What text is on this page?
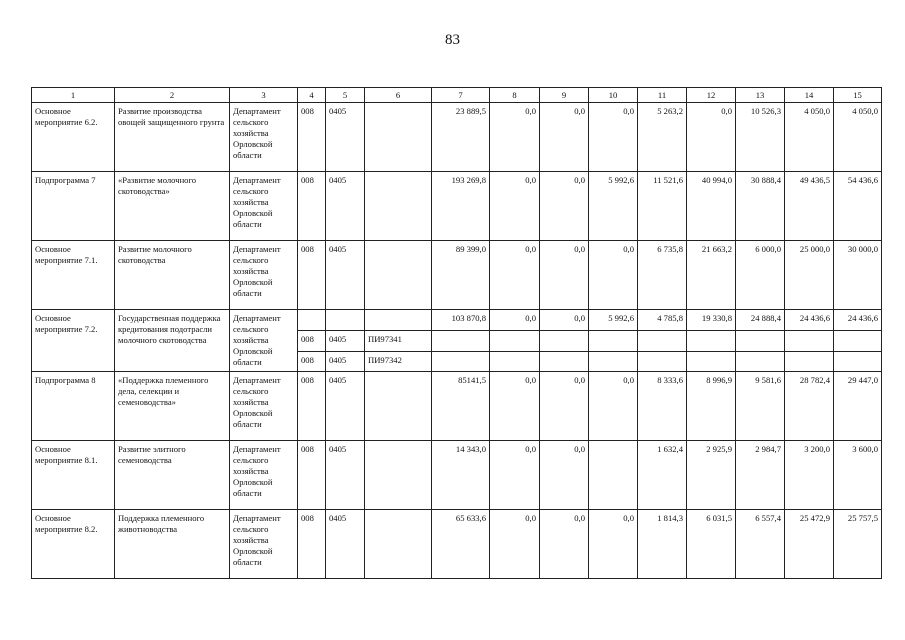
83
1	2	3	4	5	6	7	8	9	10	11	12	13	14	15
Основное мероприятие 6.2.	Развитие производства овощей защищенного грунта	Департамент сельского хозяйства Орловской области	008	0405		23 889,5	0,0	0,0	0,0	5 263,2	0,0	10 526,3	4 050,0	4 050,0
Подпрограмма 7	«Развитие молочного скотоводства»	Департамент сельского хозяйства Орловской области	008	0405		193 269,8	0,0	0,0	5 992,6	11 521,6	40 994,0	30 888,4	49 436,5	54 436,6
Основное мероприятие 7.1.	Развитие молочного скотоводства	Департамент сельского хозяйства Орловской области	008	0405		89 399,0	0,0	0,0	0,0	6 735,8	21 663,2	6 000,0	25 000,0	30 000,0
Основное мероприятие 7.2.	Государственная поддержка кредитования подотрасли молочного скотоводства	Департамент сельского хозяйства Орловской области				103 870,8	0,0	0,0	5 992,6	4 785,8	19 330,8	24 888,4	24 436,6	24 436,6
			008	0405	ПИ97341									
			008	0405	ПИ97342									
Подпрограмма 8	«Поддержка племенного дела, селекции и семеноводства»	Департамент сельского хозяйства Орловской области	008	0405		85141,5	0,0	0,0	0,0	8 333,6	8 996,9	9 581,6	28 782,4	29 447,0
Основное мероприятие 8.1.	Развитие элитного семеноводства	Департамент сельского хозяйства Орловской области	008	0405		14 343,0	0,0	0,0		1 632,4	2 925,9	2 984,7	3 200,0	3 600,0
Основное мероприятие 8.2.	Поддержка племенного животноводства	Департамент сельского хозяйства Орловской области	008	0405		65 633,6	0,0	0,0	0,0	1 814,3	6 031,5	6 557,4	25 472,9	25 757,5
